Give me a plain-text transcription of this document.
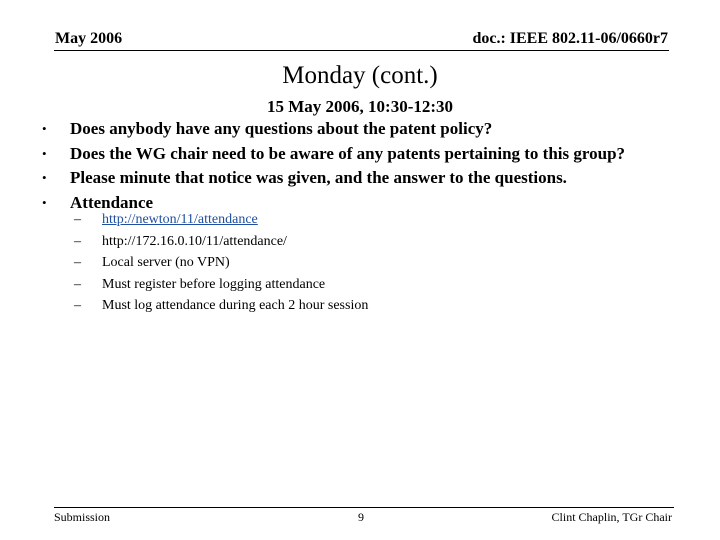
May 2006	doc.: IEEE 802.11-06/0660r7
Monday (cont.)
15 May 2006, 10:30-12:30
• Does anybody have any questions about the patent policy?
• Does the WG chair need to be aware of any patents pertaining to this group?
• Please minute that notice was given, and the answer to the questions.
• Attendance
– http://newton/11/attendance
– http://172.16.0.10/11/attendance/
– Local server (no VPN)
– Must register before logging attendance
– Must log attendance during each 2 hour session
Submission	9	Clint Chaplin, TGr Chair
